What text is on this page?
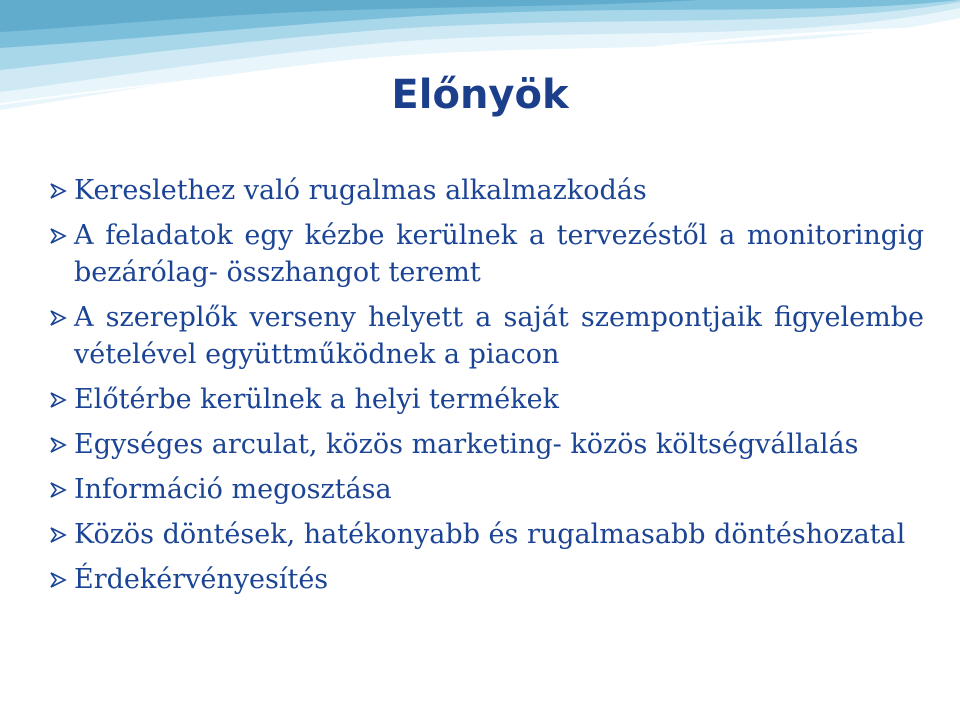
Előnyök
Kereslethez való rugalmas alkalmazkodás
A feladatok egy kézbe kerülnek a tervezéstől a monitoringig bezárólag- összhangot teremt
A szereplők verseny helyett a saját szempontjaik figyelembe vételével együttműködnek a piacon
Előtérbe kerülnek a helyi termékek
Egységes arculat, közös marketing- közös költségvállalás
Információ megosztása
Közös döntések, hatékonyabb és rugalmasabb döntéshozatal
Érdekérvényesítés
